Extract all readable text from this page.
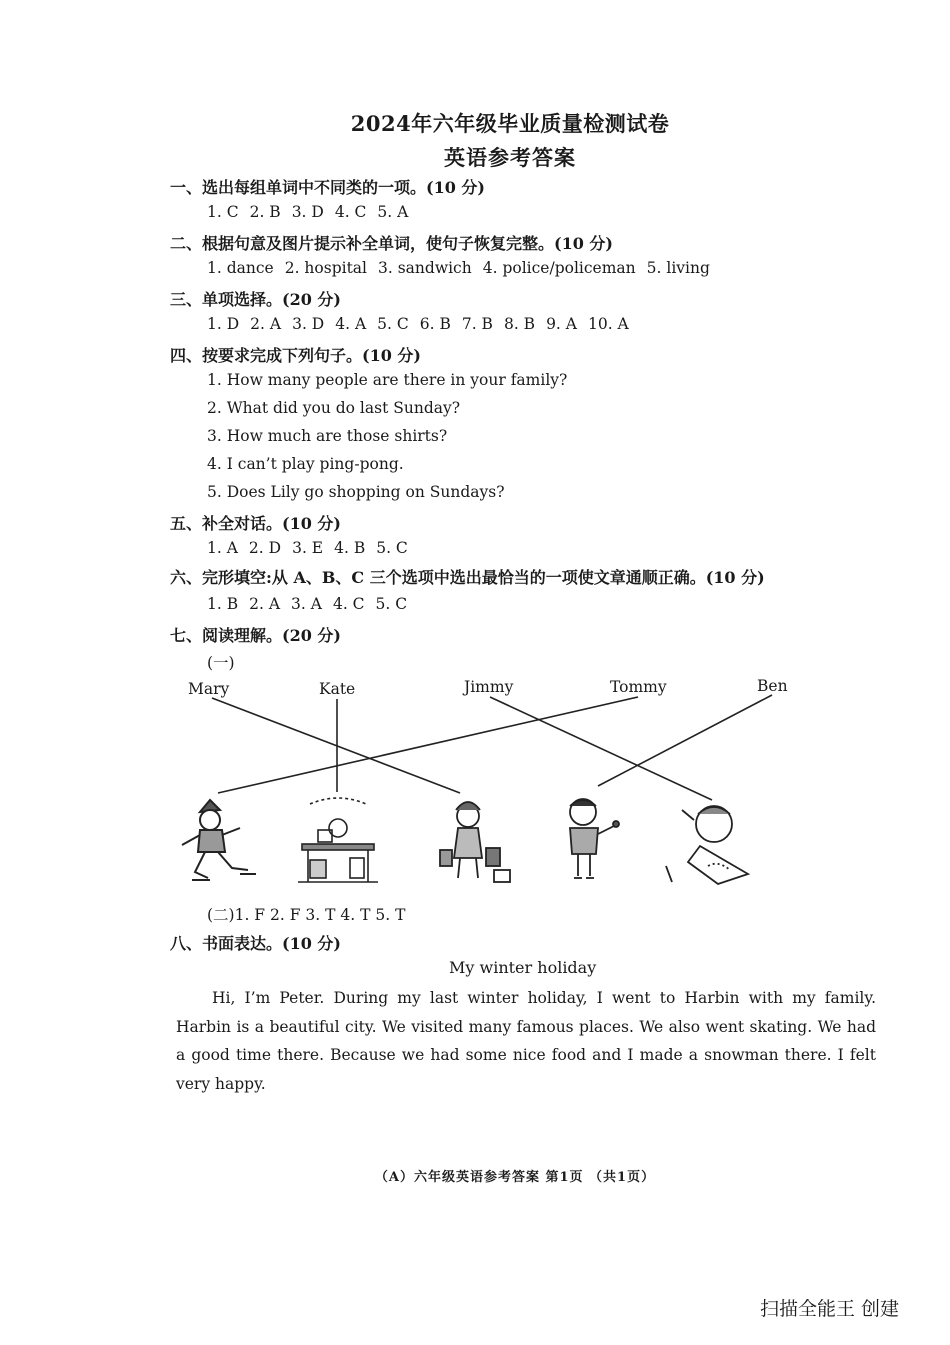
2024年六年级毕业质量检测试卷
英语参考答案
一、选出每组单词中不同类的一项。(10 分)
1. C 2. B 3. D 4. C 5. A
二、根据句意及图片提示补全单词，使句子恢复完整。(10 分)
1. dance 2. hospital 3. sandwich 4. police/policeman 5. living
三、单项选择。(20 分)
1. D 2. A 3. D 4. A 5. C 6. B 7. B 8. B 9. A 10. A
四、按要求完成下列句子。(10 分)
1. How many people are there in your family?
2. What did you do last Sunday?
3. How much are those shirts?
4. I can’t play ping-pong.
5. Does Lily go shopping on Sundays?
五、补全对话。(10 分)
1. A 2. D 3. E 4. B 5. C
六、完形填空:从 A、B、C 三个选项中选出最恰当的一项使文章通顺正确。(10 分)
1. B 2. A 3. A 4. C 5. C
七、阅读理解。(20 分)
(一)
Mary	Kate	Jimmy	Tommy	Ben
(二)1. F 2. F 3. T 4. T 5. T
八、书面表达。(10 分)
My winter holiday
Hi, I’m Peter. During my last winter holiday, I went to Harbin with my family. Harbin is a beautiful city. We visited many famous places. We also went skating. We had a good time there. Because we had some nice food and I made a snowman there. I felt very happy.
（A）六年级英语参考答案 第1页 （共1页）
扫描全能王 创建
